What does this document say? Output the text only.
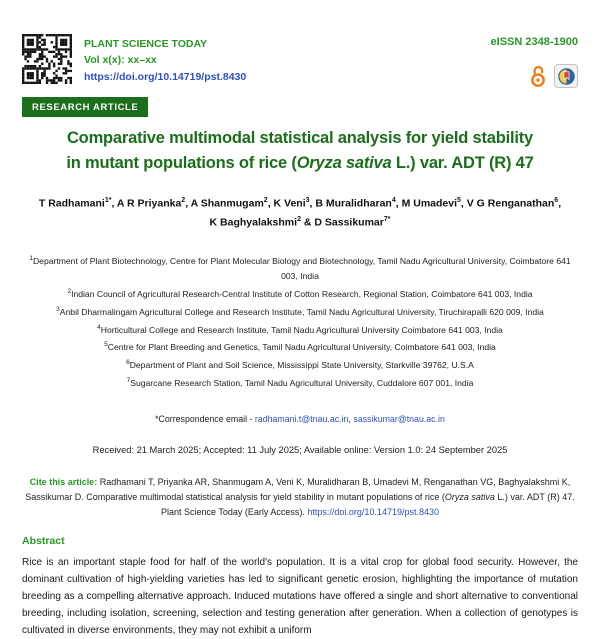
PLANT SCIENCE TODAY
Vol x(x): xx–xx
https://doi.org/10.14719/pst.8430
eISSN 2348-1900
RESEARCH ARTICLE
Comparative multimodal statistical analysis for yield stability
in mutant populations of rice (Oryza sativa L.) var. ADT (R) 47
T Radhamani$^{1*}$, A R Priyanka$^2$, A Shanmugam$^2$, K Veni$^3$, B Muralidharan$^4$, M Umadevi$^5$, V G Renganathan$^6$,
K Baghyalakshmi$^2$ & D Sassikumar$^{7*}$
$^1$Department of Plant Biotechnology, Centre for Plant Molecular Biology and Biotechnology, Tamil Nadu Agricultural University, Coimbatore 641 003, India
$^2$Indian Council of Agricultural Research-Central Institute of Cotton Research, Regional Station, Coimbatore 641 003, India
$^3$Anbil Dharmalingam Agricultural College and Research Institute, Tamil Nadu Agricultural University, Tiruchirapalli 620 009, India
$^4$Horticultural College and Research Institute, Tamil Nadu Agricultural University Coimbatore 641 003, India
$^5$Centre for Plant Breeding and Genetics, Tamil Nadu Agricultural University, Coimbatore 641 003, India
$^6$Department of Plant and Soil Science, Mississippi State University, Starkville 39762, U.S.A
$^7$Sugarcane Research Station, Tamil Nadu Agricultural University, Cuddalore 607 001, India
*Correspondence email - radhamani.t@tnau.ac.in, sassikumar@tnau.ac.in
Received: 21 March 2025; Accepted: 11 July 2025; Available online: Version 1.0: 24 September 2025
Cite this article: Radhamani T, Priyanka AR, Shanmugam A, Veni K, Muralidharan B, Umadevi M, Renganathan VG, Baghyalakshmi K, Sassikumar D. Comparative multimodal statistical analysis for yield stability in mutant populations of rice (Oryza sativa L.) var. ADT (R) 47. Plant Science Today (Early Access). https://doi.org/10.14719/pst.8430
Abstract
Rice is an important staple food for half of the world's population. It is a vital crop for global food security. However, the dominant cultivation of high-yielding varieties has led to significant genetic erosion, highlighting the importance of mutation breeding as a compelling alternative approach. Induced mutations have offered a single and short alternative to conventional breeding, including isolation, screening, selection and testing generation after generation. When a collection of genotypes is cultivated in diverse environments, they may not exhibit a uniform
